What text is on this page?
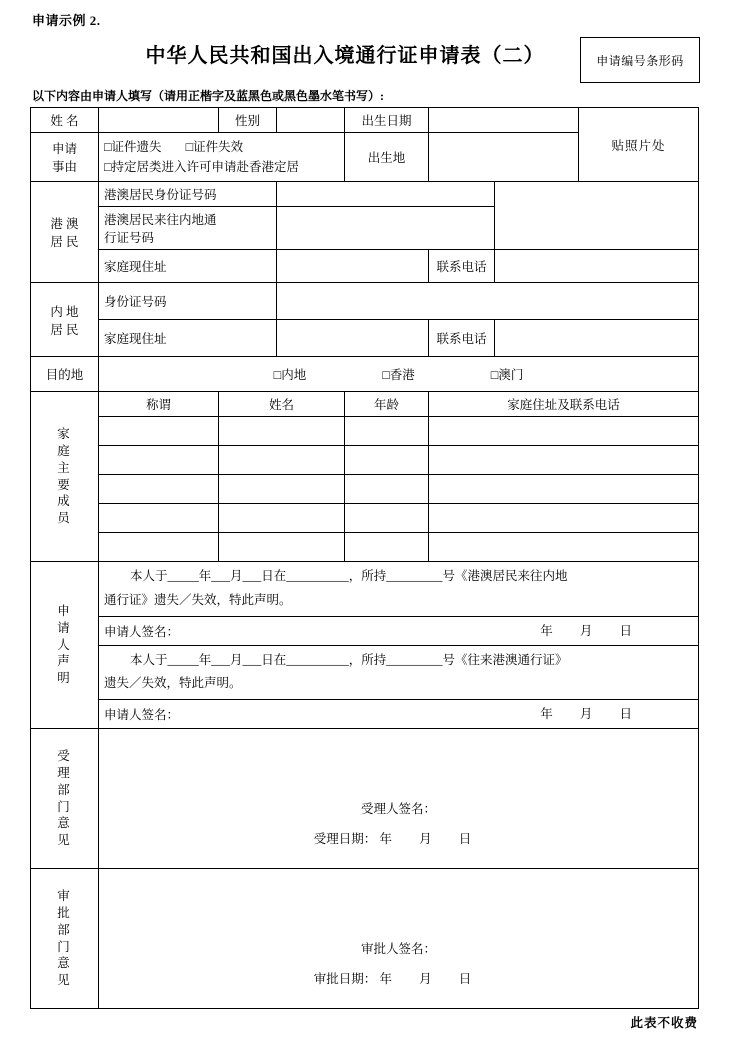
申请示例 2.
中华人民共和国出入境通行证申请表（二）	申请编号条形码
以下内容由申请人填写（请用正楷字及蓝黑色或黑色墨水笔书写）:
姓 名		性别		出生日期			贴照片处
申请
事由	□证件遗失 □证件失效
□持定居类进入许可申请赴香港定居			出生地			
港 澳
居 民	港澳居民身份证号码						
	港澳居民来往内地通
行证号码						
	家庭现住址				联系电话		
内 地
居 民	身份证号码						
	家庭现住址				联系电话		
目的地	□内地 □香港 □澳门						
家
庭
主
要
成
员	称谓	姓名	年龄	家庭住址及联系电话

申
请
人
声
明	
本人于_____年___月___日在__________，所持_________号《港澳居民来往内地
通行证》遗失／失效，特此声明。

	申请人签名： 年 月 日						

	本人于_____年___月___日在__________，所持_________号《往来港澳通行证》
遗失／失效，特此声明。						

	申请人签名： 年 月 日						

受
理
部
门
意
见	
受理人签名：
受理日期： 年 月 日

审
批
部
门
意
见	
审批人签名：
审批日期： 年 月 日
此表不收费
